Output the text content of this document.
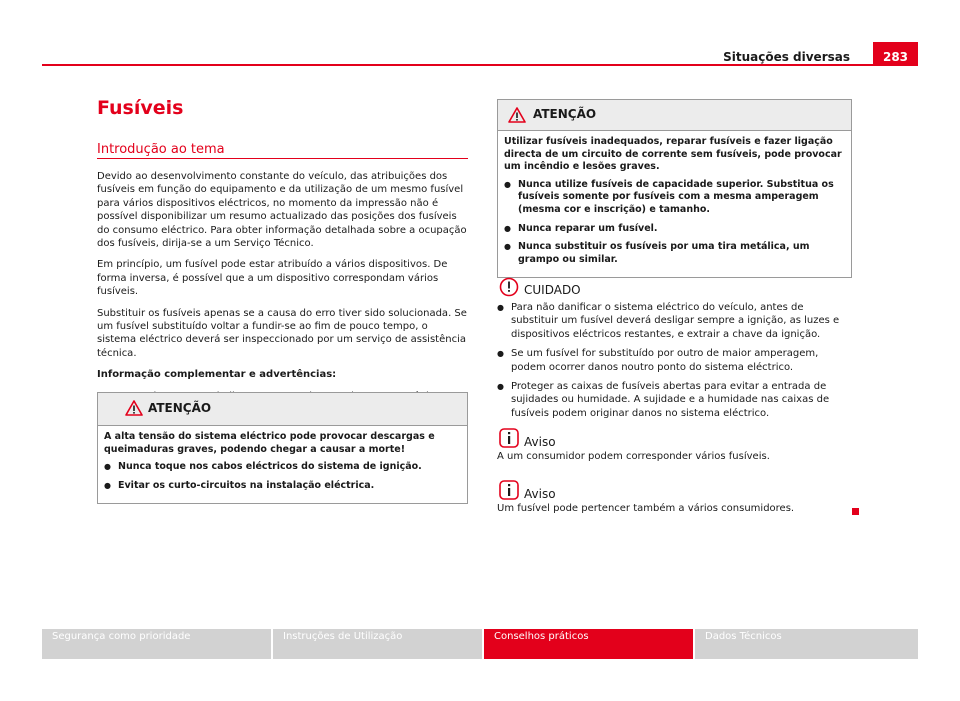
Situações diversas	283
Fusíveis
Introdução ao tema

Devido ao desenvolvimento constante do veículo, das atribuições dos fusíveis em função do equipamento e da utilização de um mesmo fusível para vários dispositivos eléctricos, no momento da impressão não é possível disponibilizar um resumo actualizado das posições dos fusíveis do consumo eléctrico. Para obter informação detalhada sobre a ocupação dos fusíveis, dirija-se a um Serviço Técnico.

Em princípio, um fusível pode estar atribuído a vários dispositivos. De forma inversa, é possível que a um dispositivo correspondam vários fusíveis.

Substituir os fusíveis apenas se a causa do erro tiver sido solucionada. Se um fusível substituído voltar a fundir-se ao fim de pouco tempo, o sistema eléctrico deverá ser inspeccionado por um serviço de assistência técnica.

Informação complementar e advertências:

●
ATENÇÃO

A alta tensão do sistema eléctrico pode provocar descargas e queimaduras graves, podendo chegar a causar a morte!

● Nunca toque nos cabos eléctricos do sistema de ignição.
● Evitar os curto-circuitos na instalação eléctrica.
ATENÇÃO

Utilizar fusíveis inadequados, reparar fusíveis e fazer ligação directa de um circuito de corrente sem fusíveis, pode provocar um incêndio e lesões graves.

● Nunca utilize fusíveis de capacidade superior. Substitua os fusíveis somente por fusíveis com a mesma amperagem (mesma cor e inscrição) e tamanho.
● Nunca reparar um fusível.
● Nunca substituir os fusíveis por uma tira metálica, um grampo ou similar.
CUIDADO
● Para não danificar o sistema eléctrico do veículo, antes de substituir um fusível deverá desligar sempre a ignição, as luzes e dispositivos eléctricos restantes, e extrair a chave da ignição.
● Se um fusível for substituído por outro de maior amperagem, podem ocorrer danos noutro ponto do sistema eléctrico.
● Proteger as caixas de fusíveis abertas para evitar a entrada de sujidades ou humidade. A sujidade e a humidade nas caixas de fusíveis podem originar danos no sistema eléctrico.
Aviso

A um consumidor podem corresponder vários fusíveis.

Aviso

Um fusível pode pertencer também a vários consumidores.

Segurança como prioridade	Instruções de Utilização	Conselhos práticos	Dados Técnicos
